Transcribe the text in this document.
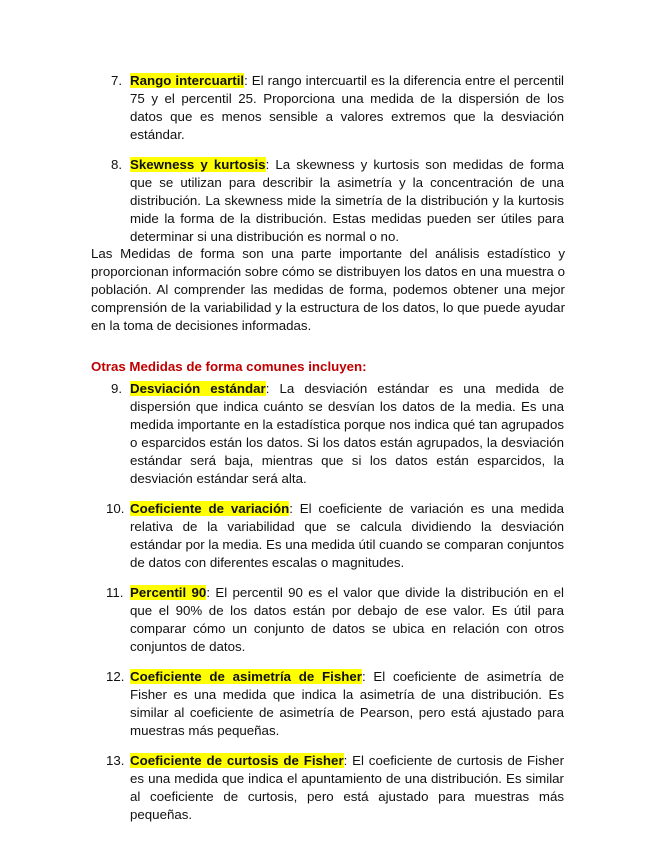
7. Rango intercuartil: El rango intercuartil es la diferencia entre el percentil 75 y el percentil 25. Proporciona una medida de la dispersión de los datos que es menos sensible a valores extremos que la desviación estándar.
8. Skewness y kurtosis: La skewness y kurtosis son medidas de forma que se utilizan para describir la asimetría y la concentración de una distribución. La skewness mide la simetría de la distribución y la kurtosis mide la forma de la distribución. Estas medidas pueden ser útiles para determinar si una distribución es normal o no.

Las Medidas de forma son una parte importante del análisis estadístico y proporcionan información sobre cómo se distribuyen los datos en una muestra o población. Al comprender las medidas de forma, podemos obtener una mejor comprensión de la variabilidad y la estructura de los datos, lo que puede ayudar en la toma de decisiones informadas.

Otras Medidas de forma comunes incluyen:

9. Desviación estándar: La desviación estándar es una medida de dispersión que indica cuánto se desvían los datos de la media. Es una medida importante en la estadística porque nos indica qué tan agrupados o esparcidos están los datos. Si los datos están agrupados, la desviación estándar será baja, mientras que si los datos están esparcidos, la desviación estándar será alta.
10. Coeficiente de variación: El coeficiente de variación es una medida relativa de la variabilidad que se calcula dividiendo la desviación estándar por la media. Es una medida útil cuando se comparan conjuntos de datos con diferentes escalas o magnitudes.
11. Percentil 90: El percentil 90 es el valor que divide la distribución en el que el 90% de los datos están por debajo de ese valor. Es útil para comparar cómo un conjunto de datos se ubica en relación con otros conjuntos de datos.
12. Coeficiente de asimetría de Fisher: El coeficiente de asimetría de Fisher es una medida que indica la asimetría de una distribución. Es similar al coeficiente de asimetría de Pearson, pero está ajustado para muestras más pequeñas.
13. Coeficiente de curtosis de Fisher: El coeficiente de curtosis de Fisher es una medida que indica el apuntamiento de una distribución. Es similar al coeficiente de curtosis, pero está ajustado para muestras más pequeñas.
